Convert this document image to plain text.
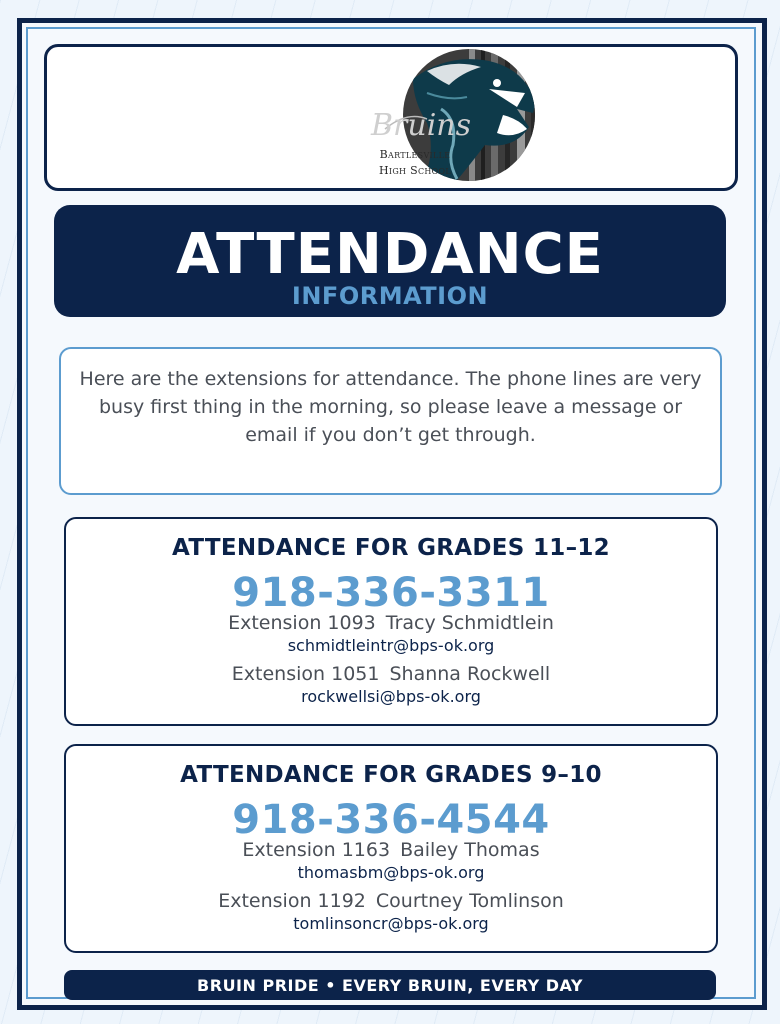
Bruins
Bartlesville
High School
ATTENDANCE
INFORMATION
Here are the extensions for attendance. The phone lines are very busy first thing in the morning, so please leave a message or email if you don’t get through.
ATTENDANCE FOR GRADES 11–12
918-336-3311
Extension 1093 Tracy Schmidtlein
schmidtleintr@bps-ok.org
Extension 1051 Shanna Rockwell
rockwellsi@bps-ok.org
ATTENDANCE FOR GRADES 9–10
918-336-4544
Extension 1163 Bailey Thomas
thomasbm@bps-ok.org
Extension 1192 Courtney Tomlinson
tomlinsoncr@bps-ok.org
BRUIN PRIDE • EVERY BRUIN, EVERY DAY
